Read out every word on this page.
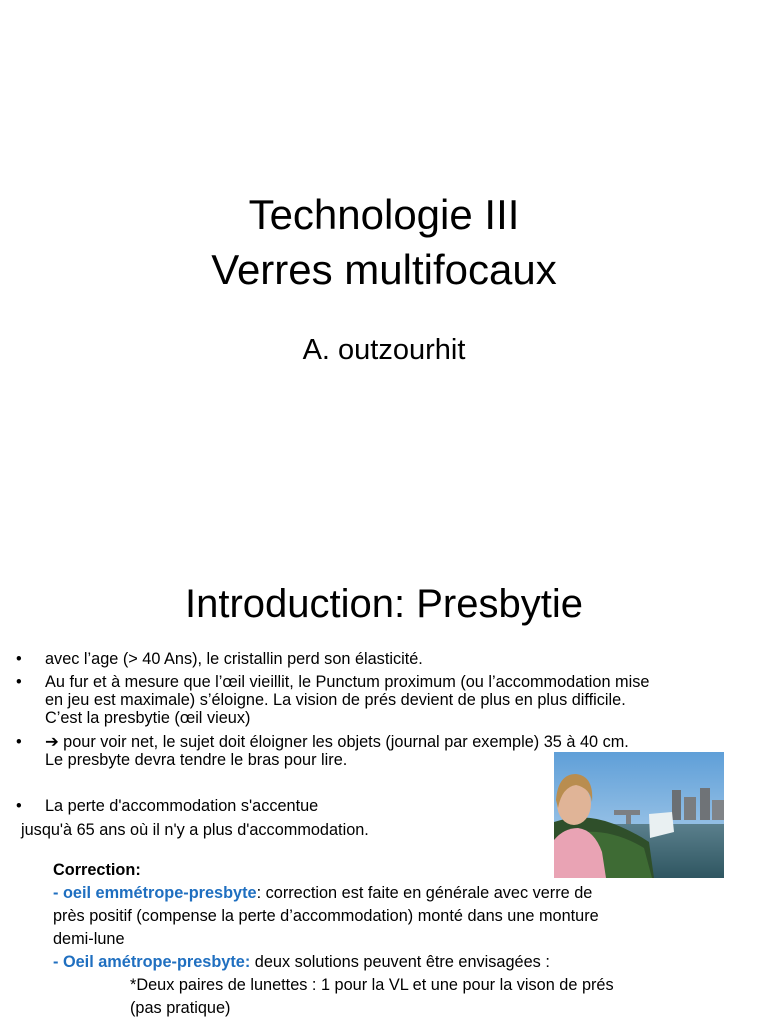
Technologie III
Verres multifocaux
A. outzourhit
Introduction: Presbytie
• avec l’age (> 40 Ans), le cristallin perd son élasticité.
• Au fur et à mesure que l’œil vieillit, le Punctum proximum (ou l’accommodation mise
en jeu est maximale) s’éloigne. La vision de prés devient de plus en plus difficile.
C’est la presbytie (œil vieux)
• ➔ pour voir net, le sujet doit éloigner les objets (journal par exemple) 35 à 40 cm.
Le presbyte devra tendre le bras pour lire.
• La perte d'accommodation s'accentue
jusqu'à 65 ans où il n'y a plus d'accommodation.
Correction:
- oeil emmétrope-presbyte: correction est faite en générale avec verre de
près positif (compense la perte d’accommodation) monté dans une monture
demi-lune
- Oeil amétrope-presbyte: deux solutions peuvent être envisagées :
*Deux paires de lunettes : 1 pour la VL et une pour la vison de prés
(pas pratique)
